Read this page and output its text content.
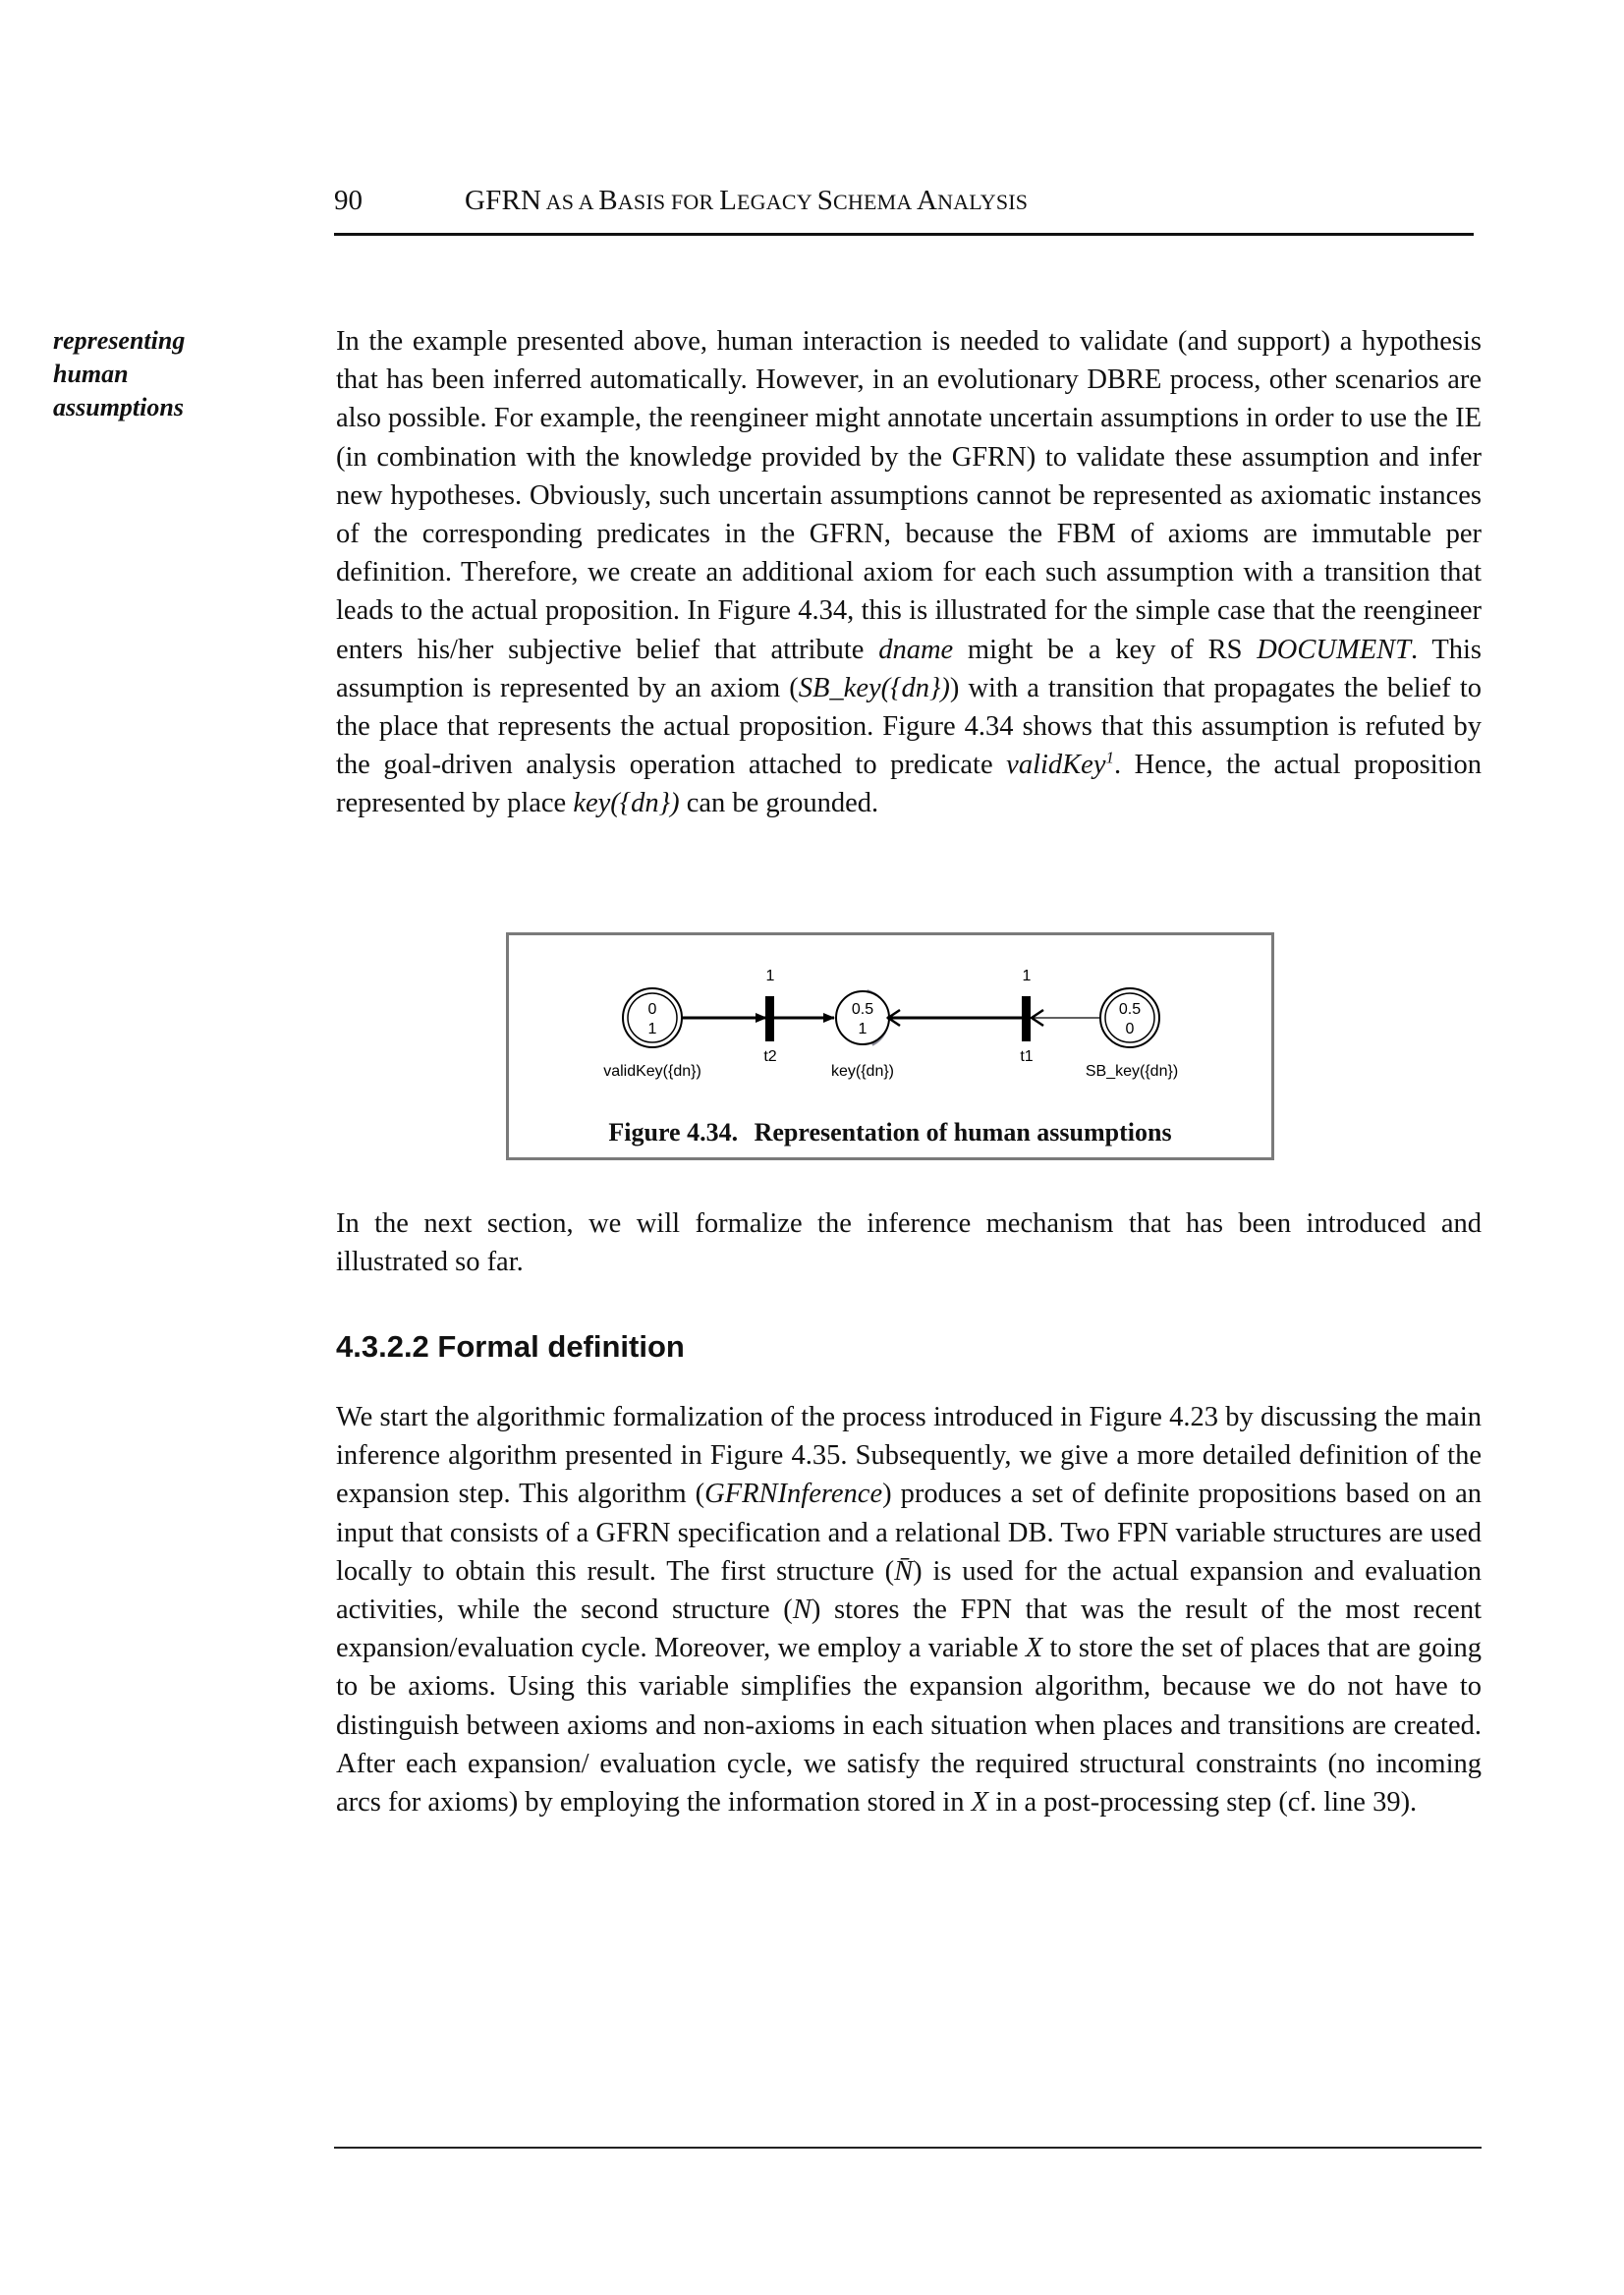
90	GFRN AS A BASIS FOR LEGACY SCHEMA ANALYSIS
representing
human
assumptions

In the example presented above, human interaction is needed to validate (and support) a hypothesis that has been inferred automatically. However, in an evolutionary DBRE process, other scenarios are also possible. For example, the reengineer might annotate uncertain assumptions in order to use the IE (in combination with the knowledge provided by the GFRN) to validate these assumption and infer new hypotheses. Obviously, such uncertain assumptions cannot be represented as axiomatic instances of the corresponding predicates in the GFRN, because the FBM of axioms are immutable per definition. Therefore, we create an additional axiom for each such assumption with a transition that leads to the actual proposition. In Figure 4.34, this is illustrated for the simple case that the reengineer enters his/her subjective belief that attribute dname might be a key of RS DOCUMENT. This assumption is represented by an axiom (SB_key({dn})) with a transition that propagates the belief to the place that represents the actual proposition. Figure 4.34 shows that this assumption is refuted by the goal-driven analysis operation attached to predicate validKey$^1$. Hence, the actual proposition represented by place key({dn}) can be grounded.

0
1
validKey({dn})
1
t2
0.5
1
key({dn})
1
t1
0.5
0
SB_key({dn})
Figure 4.34. Representation of human assumptions

In the next section, we will formalize the inference mechanism that has been introduced and illustrated so far.

4.3.2.2 Formal definition

We start the algorithmic formalization of the process introduced in Figure 4.23 by discussing the main inference algorithm presented in Figure 4.35. Subsequently, we give a more detailed definition of the expansion step. This algorithm (GFRNInference) produces a set of definite propositions based on an input that consists of a GFRN specification and a relational DB. Two FPN variable structures are used locally to obtain this result. The first structure (N̄) is used for the actual expansion and evaluation activities, while the second structure (N) stores the FPN that was the result of the most recent expansion/evaluation cycle. Moreover, we employ a variable X to store the set of places that are going to be axioms. Using this variable simplifies the expansion algorithm, because we do not have to distinguish between axioms and non-axioms in each situation when places and transitions are created. After each expansion/ evaluation cycle, we satisfy the required structural constraints (no incoming arcs for axioms) by employing the information stored in X in a post-processing step (cf. line 39).
